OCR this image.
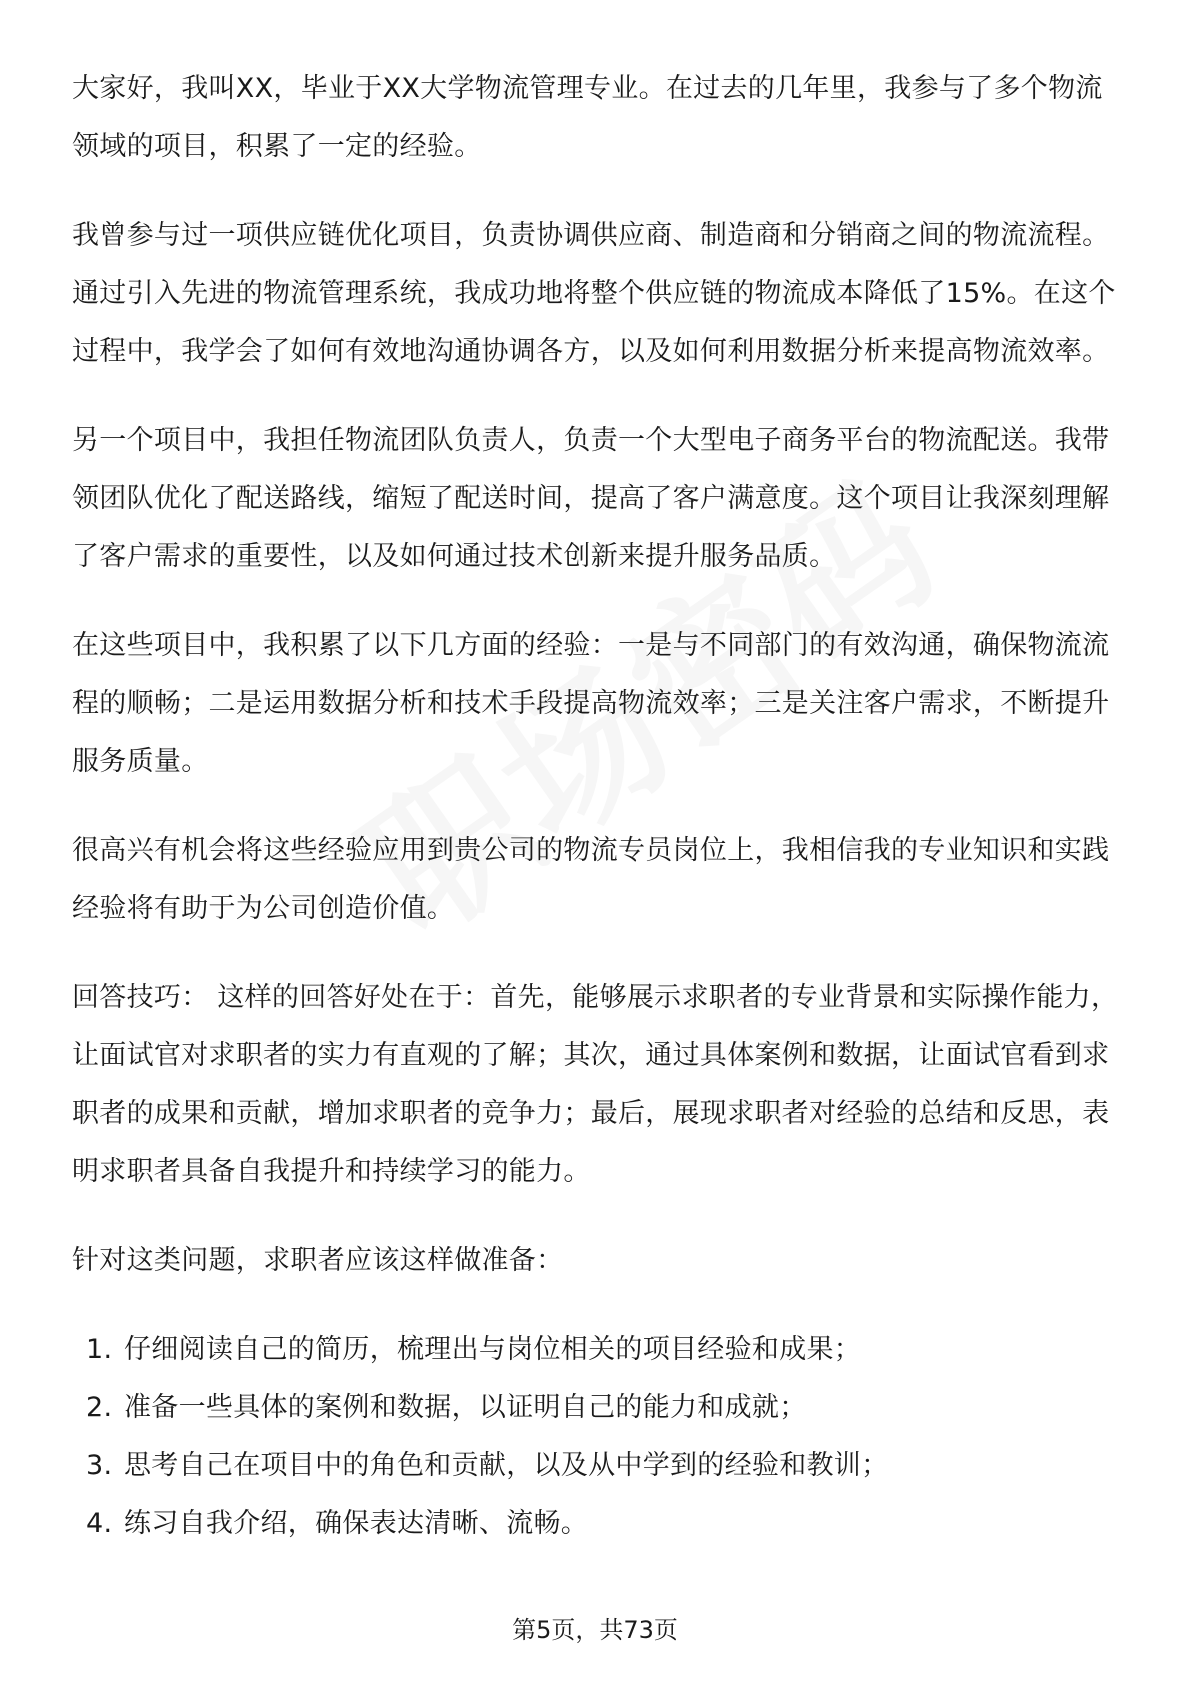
大家好，我叫XX，毕业于XX大学物流管理专业。在过去的几年里，我参与了多个物流领域的项目，积累了一定的经验。

我曾参与过一项供应链优化项目，负责协调供应商、制造商和分销商之间的物流流程。通过引入先进的物流管理系统，我成功地将整个供应链的物流成本降低了15%。在这个过程中，我学会了如何有效地沟通协调各方，以及如何利用数据分析来提高物流效率。

另一个项目中，我担任物流团队负责人，负责一个大型电子商务平台的物流配送。我带领团队优化了配送路线，缩短了配送时间，提高了客户满意度。这个项目让我深刻理解了客户需求的重要性，以及如何通过技术创新来提升服务品质。

在这些项目中，我积累了以下几方面的经验：一是与不同部门的有效沟通，确保物流流程的顺畅；二是运用数据分析和技术手段提高物流效率；三是关注客户需求，不断提升服务质量。

很高兴有机会将这些经验应用到贵公司的物流专员岗位上，我相信我的专业知识和实践经验将有助于为公司创造价值。

回答技巧： 这样的回答好处在于：首先，能够展示求职者的专业背景和实际操作能力，让面试官对求职者的实力有直观的了解；其次，通过具体案例和数据，让面试官看到求职者的成果和贡献，增加求职者的竞争力；最后，展现求职者对经验的总结和反思，表明求职者具备自我提升和持续学习的能力。

针对这类问题，求职者应该这样做准备：

1. 仔细阅读自己的简历，梳理出与岗位相关的项目经验和成果；
2. 准备一些具体的案例和数据，以证明自己的能力和成就；
3. 思考自己在项目中的角色和贡献，以及从中学到的经验和教训；
4. 练习自我介绍，确保表达清晰、流畅。
第5页，共73页
